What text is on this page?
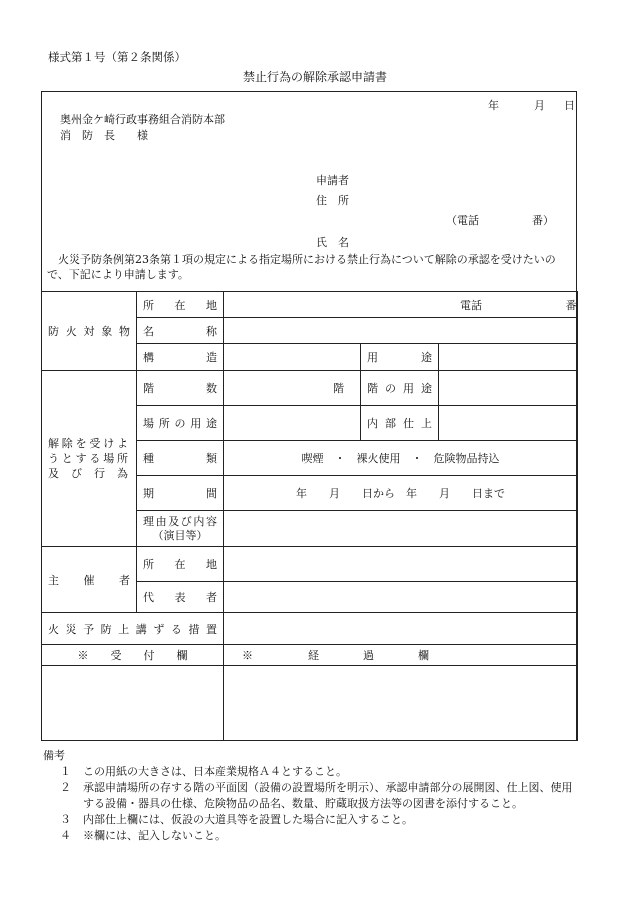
様式第１号（第２条関係）
禁止行為の解除承認申請書
年	月 日
奥州金ケ崎行政事務組合消防本部
消　防　長　　様
申請者
住　所
（電話	番）
氏　名
火災予防条例第23条第１項の規定による指定場所における禁止行為について解除の承認を受けたいので、下記により申請します。
防火対象物	所在地	電話 番		

	名称			

	構造		用途	

解除を受けようとする場所及び行為	階数	階	階の用途	

	場所の用途		内部仕上	

	種類	喫煙　・　裸火使用　・　危険物品持込		

	期間	年　　月　　日から　年　　月　　日まで		

	理由及び内容
（演目等）			

主催者	所在地			

	代表者			

火災予防上講ずる措置				

※　　受　　付　　欄		※　　　　　経　　　　過　　　　欄		

備考
１ この用紙の大きさは、日本産業規格Ａ４とすること。
２ 承認申請場所の存する階の平面図（設備の設置場所を明示）、承認申請部分の展開図、仕上図、使用する設備・器具の仕様、危険物品の品名、数量、貯蔵取扱方法等の図書を添付すること。
３ 内部仕上欄には、仮設の大道具等を設置した場合に記入すること。
４ ※欄には、記入しないこと。
